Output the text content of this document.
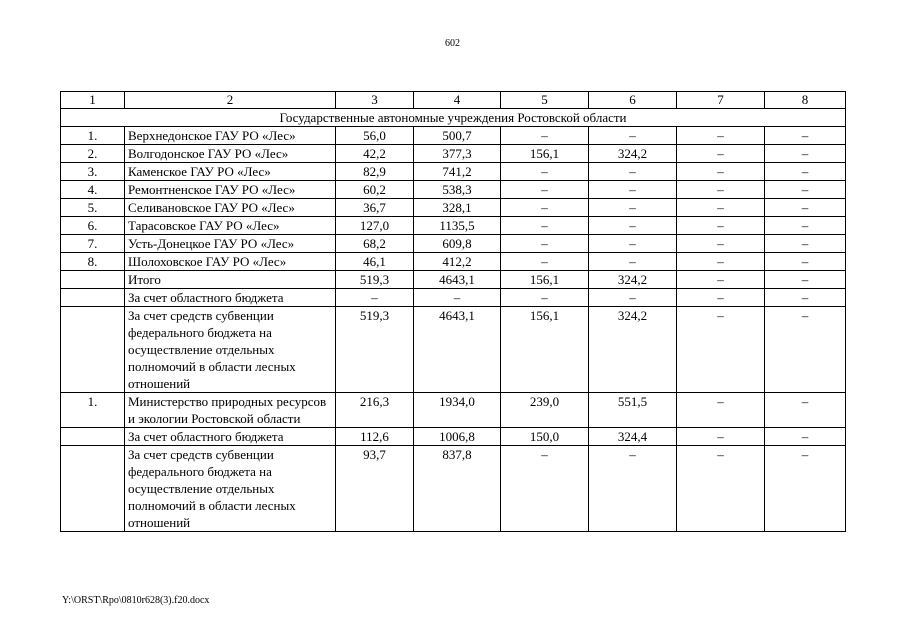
602
1	2	3	4	5	6	7	8
Государственные автономные учреждения Ростовской области							
1.	Верхнедонское ГАУ РО «Лес»	56,0	500,7	–	–	–	–
2.	Волгодонское ГАУ РО «Лес»	42,2	377,3	156,1	324,2	–	–
3.	Каменское ГАУ РО «Лес»	82,9	741,2	–	–	–	–
4.	Ремонтненское ГАУ РО «Лес»	60,2	538,3	–	–	–	–
5.	Селивановское ГАУ РО «Лес»	36,7	328,1	–	–	–	–
6.	Тарасовское ГАУ РО «Лес»	127,0	1135,5	–	–	–	–
7.	Усть-Донецкое ГАУ РО «Лес»	68,2	609,8	–	–	–	–
8.	Шолоховское ГАУ РО «Лес»	46,1	412,2	–	–	–	–
	Итого	519,3	4643,1	156,1	324,2	–	–
	За счет областного бюджета	–	–	–	–	–	–
	За счет средств субвенции федерального бюджета на осуществление отдельных полномочий в области лесных отношений	519,3	4643,1	156,1	324,2	–	–
1.	Министерство природных ресурсов и экологии Ростовской области	216,3	1934,0	239,0	551,5	–	–
	За счет областного бюджета	112,6	1006,8	150,0	324,4	–	–
	За счет средств субвенции федерального бюджета на осуществление отдельных полномочий в области лесных отношений	93,7	837,8	–	–	–	–
Y:\ORST\Rpo\0810r628(3).f20.docx
